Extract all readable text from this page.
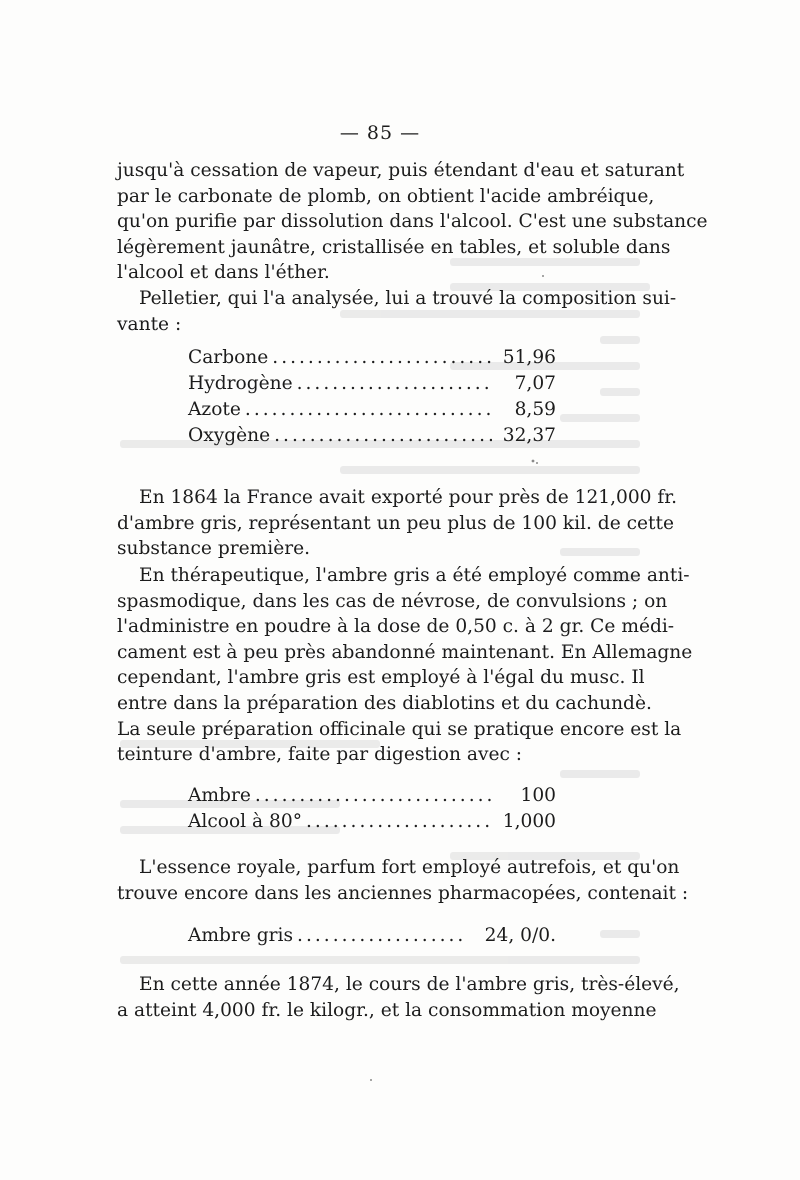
— 85 —
jusqu'à cessation de vapeur, puis étendant d'eau et saturant
par le carbonate de plomb, on obtient l'acide ambréique,
qu'on purifie par dissolution dans l'alcool. C'est une substance
légèrement jaunâtre, cristallisée en tables, et soluble dans
l'alcool et dans l'éther.
Pelletier, qui l'a analysée, lui a trouvé la composition sui-
vante :
Carbone .....	51,96
Hydrogène .....	7,07
Azote .....	8,59
Oxygène .....	32,37
En 1864 la France avait exporté pour près de 121,000 fr.
d'ambre gris, représentant un peu plus de 100 kil. de cette
substance première.
En thérapeutique, l'ambre gris a été employé comme anti-
spasmodique, dans les cas de névrose, de convulsions ; on
l'administre en poudre à la dose de 0,50 c. à 2 gr. Ce médi-
cament est à peu près abandonné maintenant. En Allemagne
cependant, l'ambre gris est employé à l'égal du musc. Il
entre dans la préparation des diablotins et du cachundè.
La seule préparation officinale qui se pratique encore est la
teinture d'ambre, faite par digestion avec :
Ambre .....	100
Alcool à 80° .....	1,000
L'essence royale, parfum fort employé autrefois, et qu'on
trouve encore dans les anciennes pharmacopées, contenait :
Ambre gris .....	24, 0/0.
En cette année 1874, le cours de l'ambre gris, très-élevé,
a atteint 4,000 fr. le kilogr., et la consommation moyenne
